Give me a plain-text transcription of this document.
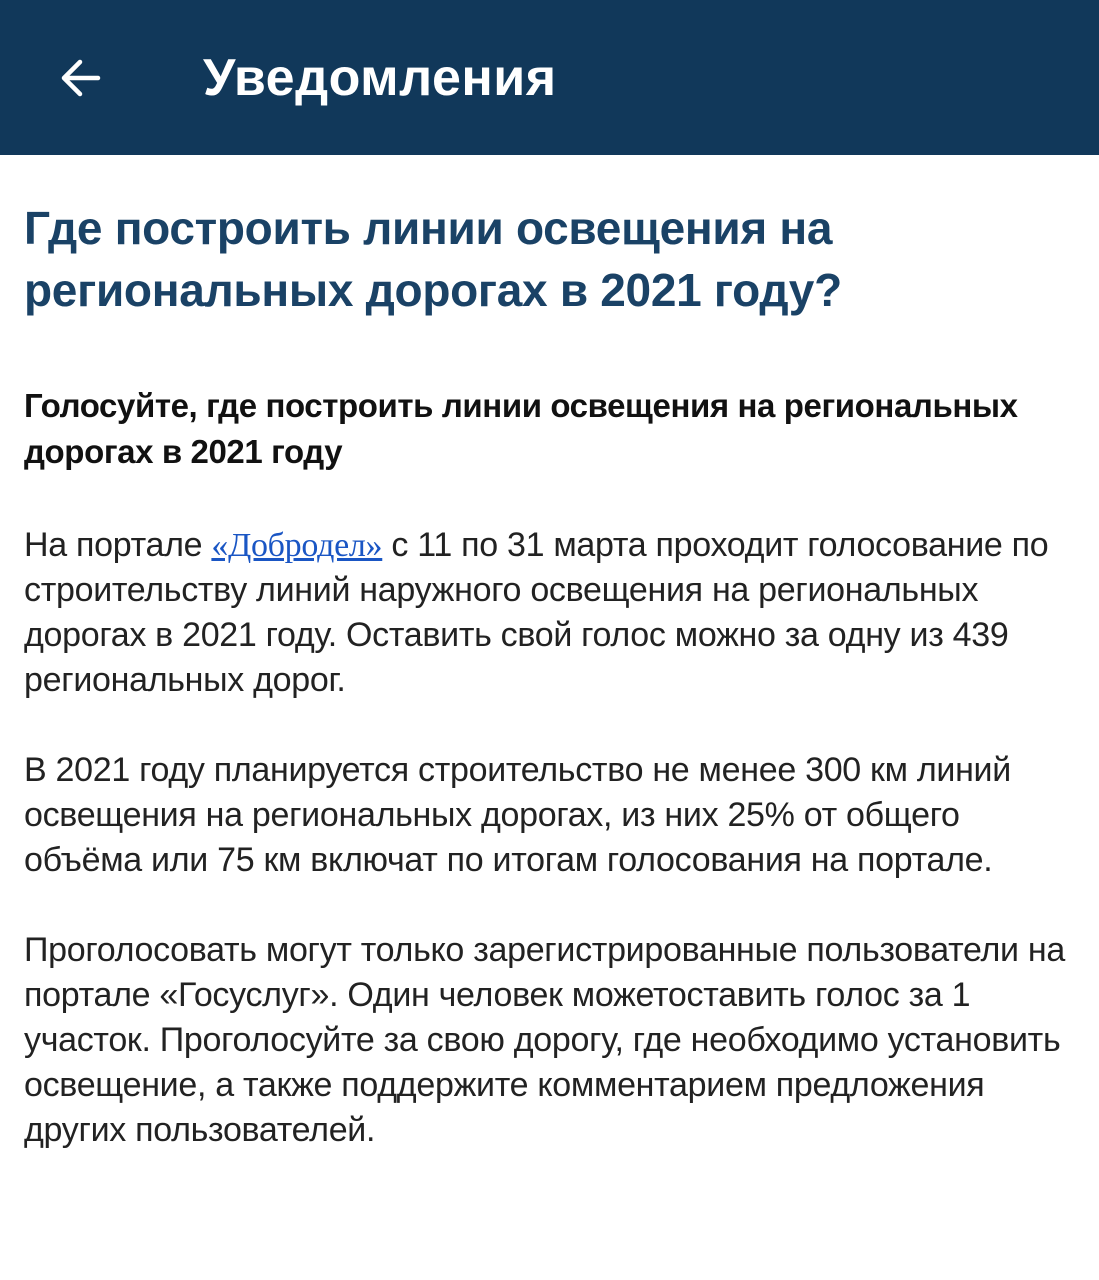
Уведомления
Где построить линии освещения на региональных дорогах в 2021 году?

Голосуйте, где построить линии освещения на региональных дорогах в 2021 году

На портале «Добродел» с 11 по 31 марта проходит голосование по строительству линий наружного освещения на региональных дорогах в 2021 году. Оставить свой голос можно за одну из 439 региональных дорог.

В 2021 году планируется строительство не менее 300 км линий освещения на региональных дорогах, из них 25% от общего объёма или 75 км включат по итогам голосования на портале.

Проголосовать могут только зарегистрированные пользователи на портале «Госуслуг». Один человек можетоставить голос за 1 участок. Проголосуйте за свою дорогу, где необходимо установить освещение, а также поддержите комментарием предложения других пользователей.
